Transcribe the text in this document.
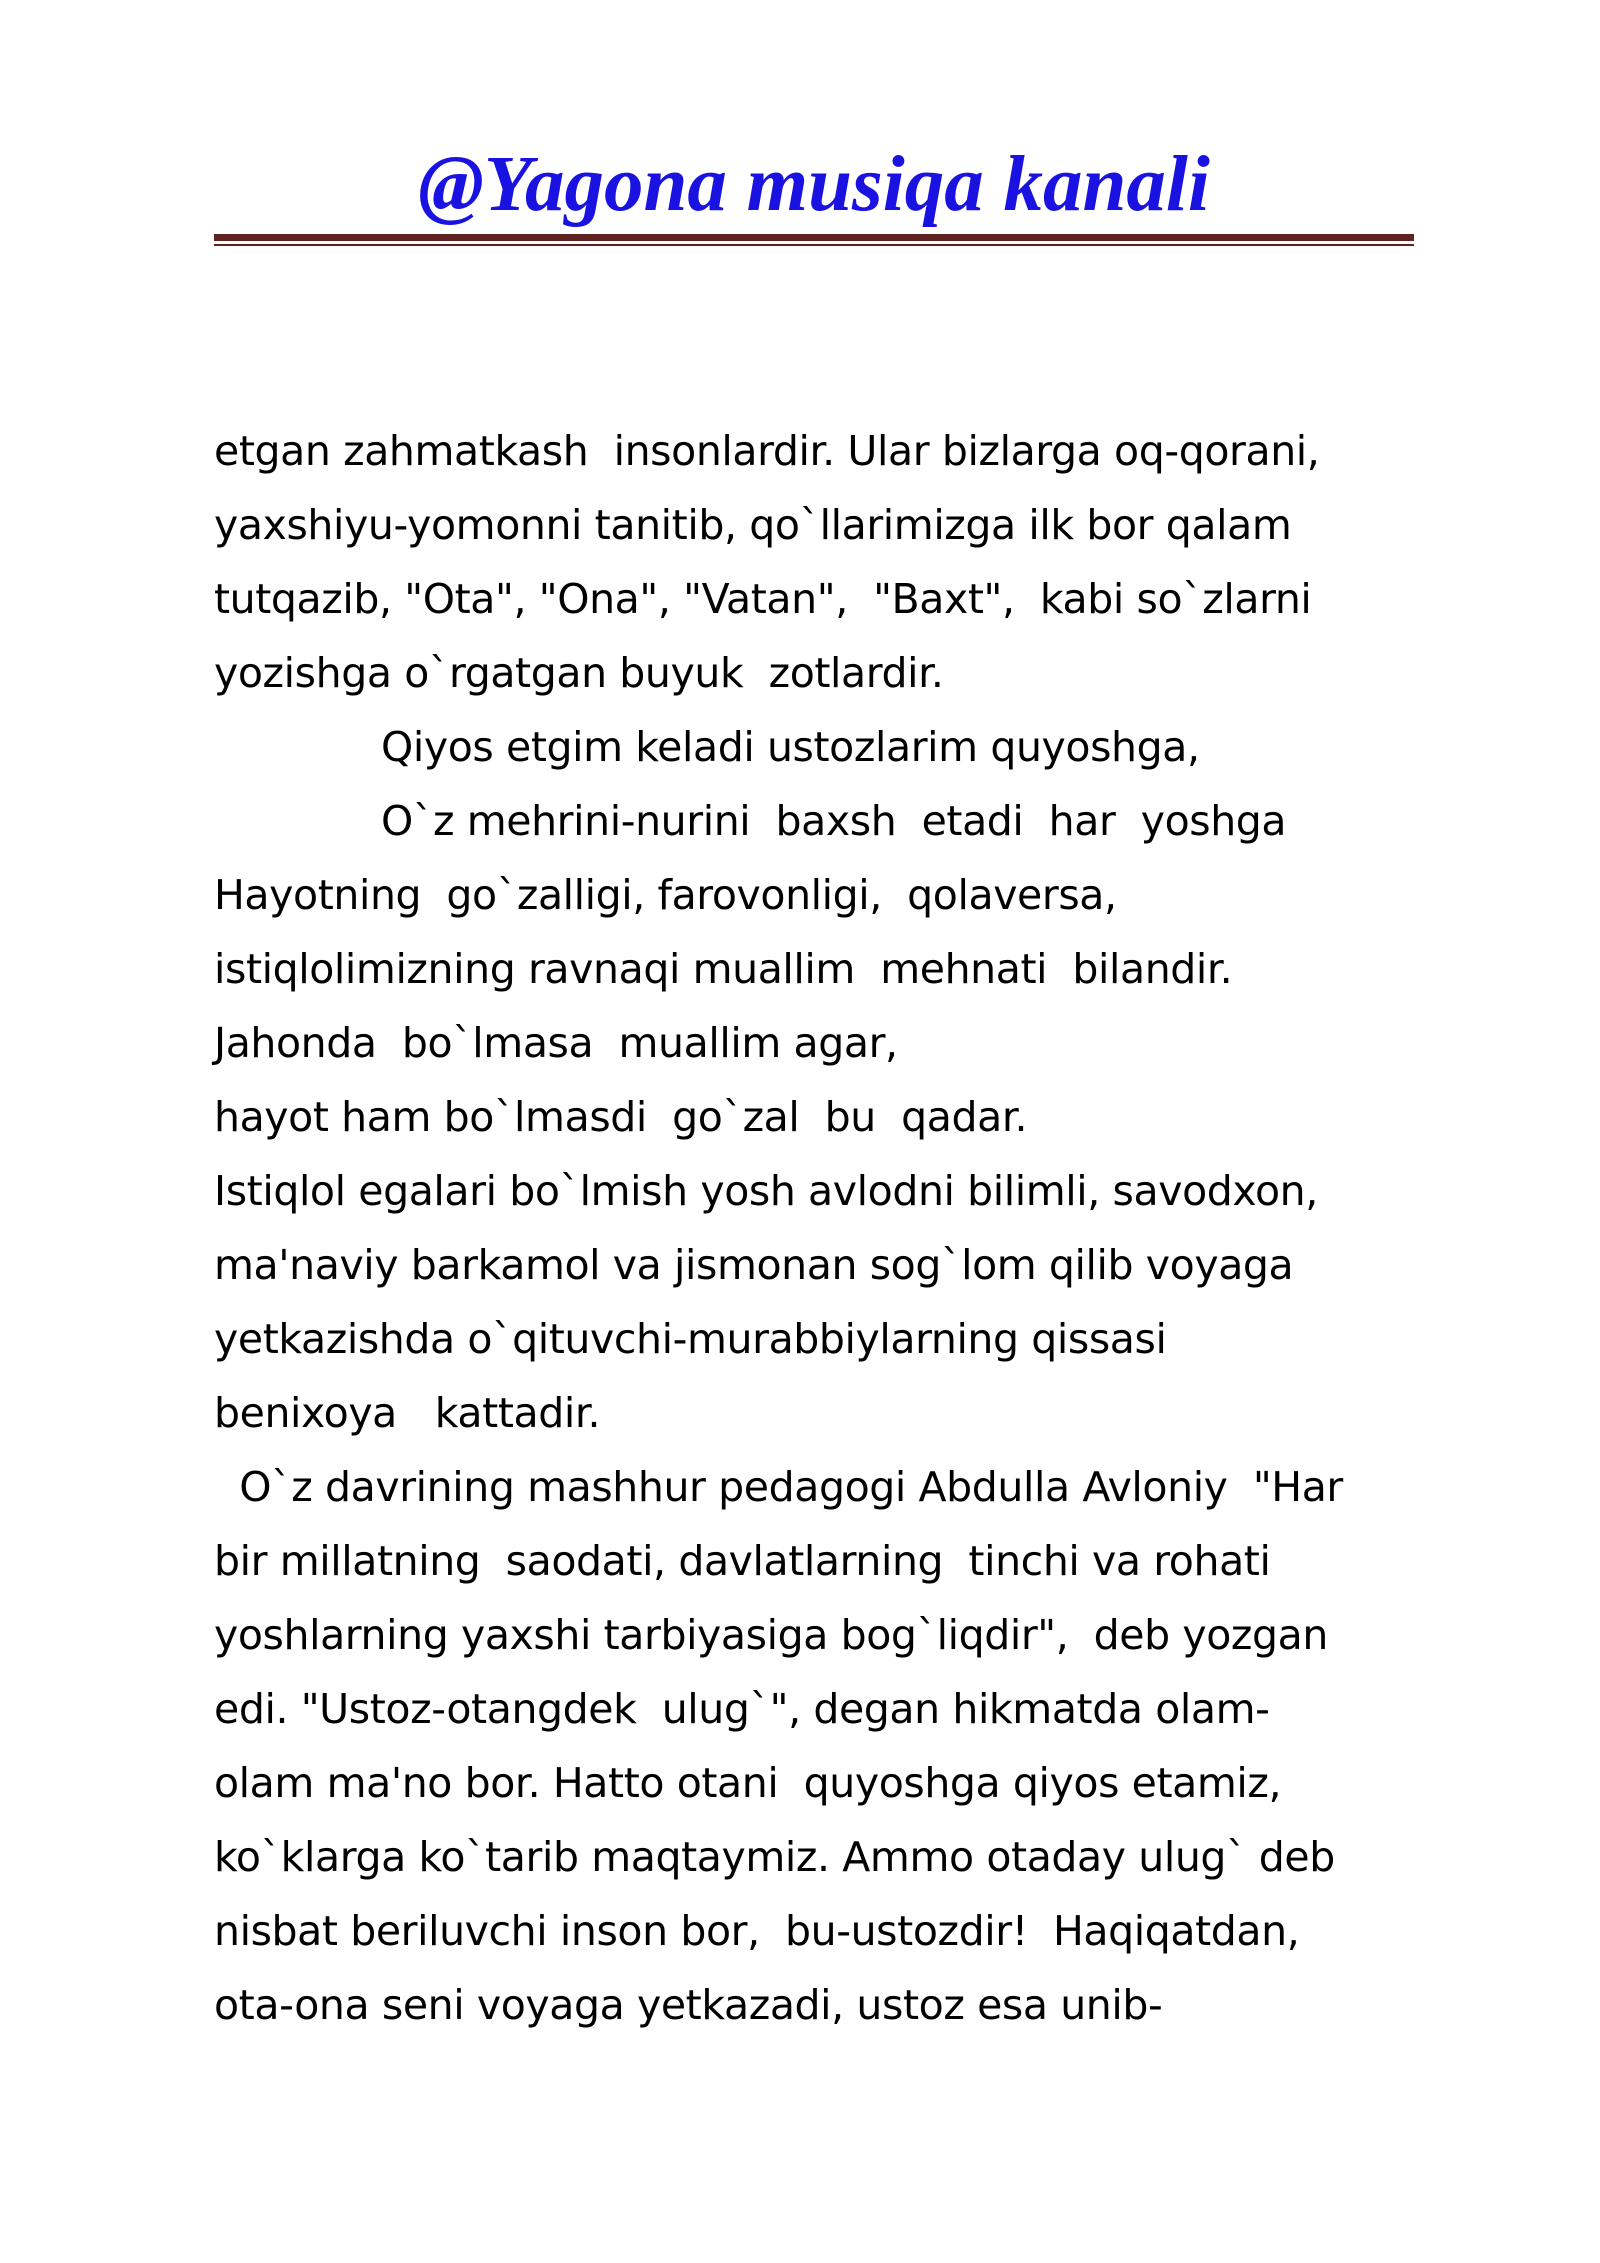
@Yagona musiqa kanali
etgan zahmatkash  insonlardir. Ular bizlarga oq-qorani,
yaxshiyu-yomonni tanitib, qo`llarimizga ilk bor qalam
tutqazib, "Ota", "Ona", "Vatan",  "Baxt",  kabi so`zlarni
yozishga o`rgatgan buyuk  zotlardir.
Qiyos etgim keladi ustozlarim quyoshga,
O`z mehrini-nurini  baxsh  etadi  har  yoshga
Hayotning  go`zalligi, farovonligi,  qolaversa,
istiqlolimizning ravnaqi muallim  mehnati  bilandir.
Jahonda  bo`lmasa  muallim agar,
hayot ham bo`lmasdi  go`zal  bu  qadar.
Istiqlol egalari bo`lmish yosh avlodni bilimli, savodxon,
ma'naviy barkamol va jismonan sog`lom qilib voyaga
yetkazishda o`qituvchi-murabbiylarning qissasi
benixoya   kattadir.
O`z davrining mashhur pedagogi Abdulla Avloniy  "Har
bir millatning  saodati, davlatlarning  tinchi va rohati
yoshlarning yaxshi tarbiyasiga bog`liqdir",  deb yozgan
edi. "Ustoz-otangdek  ulug`", degan hikmatda olam-
olam ma'no bor. Hatto otani  quyoshga qiyos etamiz,
ko`klarga ko`tarib maqtaymiz. Ammo otaday ulug` deb
nisbat beriluvchi inson bor,  bu-ustozdir!  Haqiqatdan,
ota-ona seni voyaga yetkazadi, ustoz esa unib-
